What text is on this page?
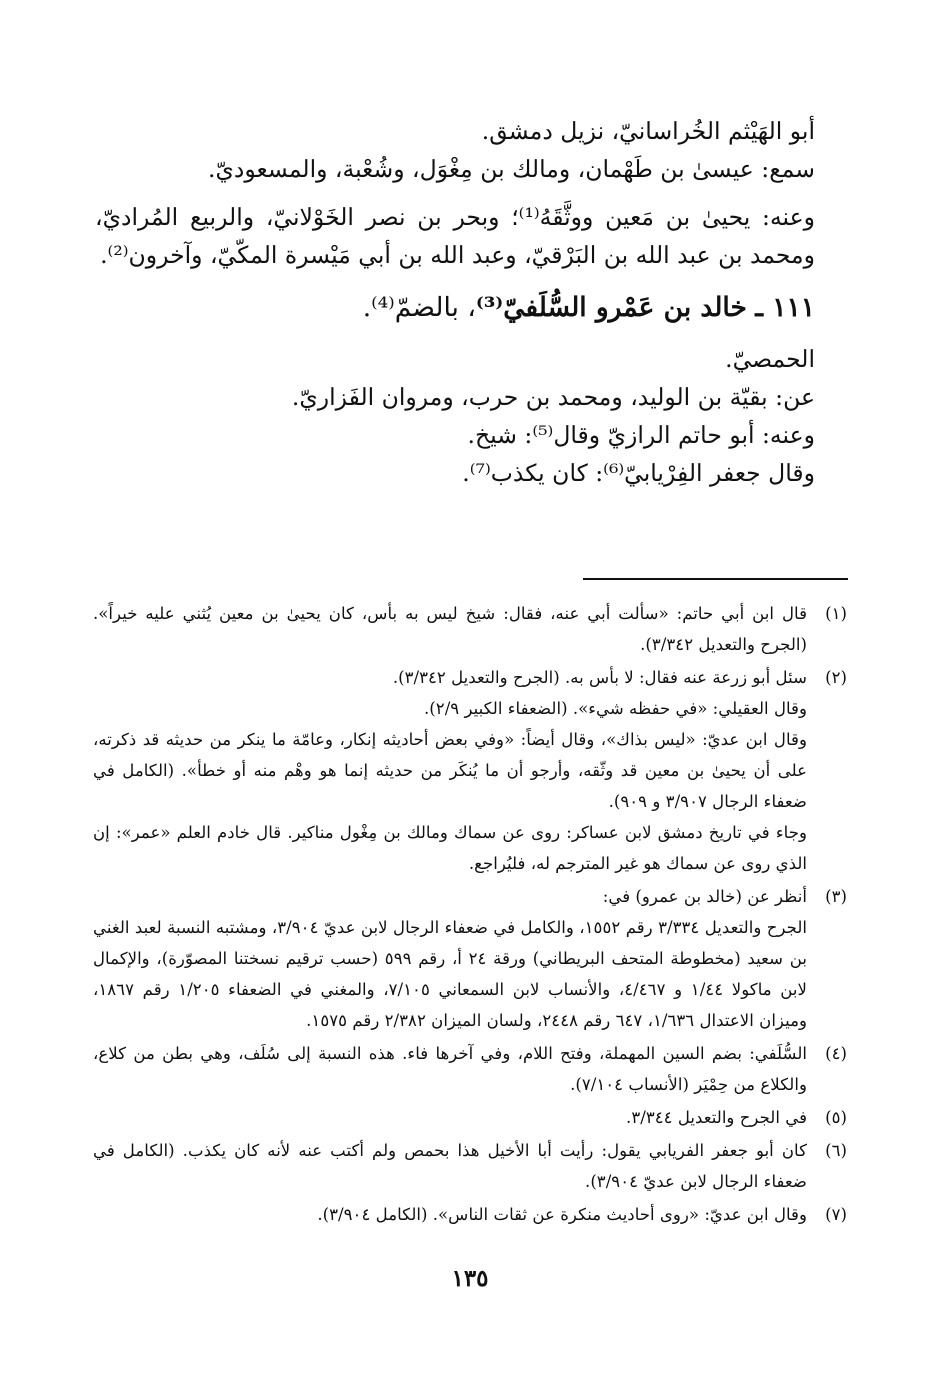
أبو الهَيْثم الخُراسانيّ، نزيل دمشق.
سمع: عيسىٰ بن طَهْمان، ومالك بن مِغْوَل، وشُعْبة، والمسعوديّ.
وعنه: يحيىٰ بن مَعين ووثَّقَهُ⁽¹⁾؛ وبحر بن نصر الخَوْلانيّ، والربيع المُراديّ، ومحمد بن عبد الله بن البَرْقيّ، وعبد الله بن أبي مَيْسرة المكّيّ، وآخرون⁽²⁾.
١١١ ـ خالد بن عَمْرو السُّلَفيّ⁽³⁾، بالضمّ⁽⁴⁾.
الحمصيّ.
عن: بقيّة بن الوليد، ومحمد بن حرب، ومروان الفَزاريّ.
وعنه: أبو حاتم الرازيّ وقال⁽⁵⁾: شيخ.
وقال جعفر الفِرْيابيّ⁽⁶⁾: كان يكذب⁽⁷⁾.
(١)
قال ابن أبي حاتم: «سألت أبي عنه، فقال: شيخ ليس به بأس، كان يحيىٰ بن معين يُثني عليه خيراً». (الجرح والتعديل ٣/٣٤٢).
(٢)
سئل أبو زرعة عنه فقال: لا بأس به. (الجرح والتعديل ٣/٣٤٢).
وقال العقيلي: «في حفظه شيء». (الضعفاء الكبير ٢/٩).
وقال ابن عديّ: «ليس بذاك»، وقال أيضاً: «وفي بعض أحاديثه إنكار، وعامّة ما ينكر من حديثه قد ذكرته، على أن يحيىٰ بن معين قد وثّقه، وأرجو أن ما يُنكَر من حديثه إنما هو وهْم منه أو خطأ». (الكامل في ضعفاء الرجال ٣/٩٠٧ و ٩٠٩).
وجاء في تاريخ دمشق لابن عساكر: روى عن سماك ومالك بن مِغْول مناكير. قال خادم العلم «عمر»: إن الذي روى عن سماك هو غير المترجم له، فليُراجع.
(٣)
أنظر عن (خالد بن عمرو) في:
الجرح والتعديل ٣/٣٣٤ رقم ١٥٥٢، والكامل في ضعفاء الرجال لابن عديّ ٣/٩٠٤، ومشتبه النسبة لعبد الغني بن سعيد (مخطوطة المتحف البريطاني) ورقة ٢٤ أ، رقم ٥٩٩ (حسب ترقيم نسختنا المصوّرة)، والإكمال لابن ماكولا ١/٤٤ و ٤/٤٦٧، والأنساب لابن السمعاني ٧/١٠٥، والمغني في الضعفاء ١/٢٠٥ رقم ١٨٦٧، وميزان الاعتدال ١/٦٣٦، ٦٤٧ رقم ٢٤٤٨، ولسان الميزان ٢/٣٨٢ رقم ١٥٧٥.
(٤)
السُّلَفي: بضم السين المهملة، وفتح اللام، وفي آخرها فاء. هذه النسبة إلى سُلَف، وهي بطن من كلاع، والكلاع من حِمْيَر (الأنساب ٧/١٠٤).
(٥)
في الجرح والتعديل ٣/٣٤٤.
(٦)
كان أبو جعفر الفريابي يقول: رأيت أبا الأخيل هذا بحمص ولم أكتب عنه لأنه كان يكذب. (الكامل في ضعفاء الرجال لابن عديّ ٣/٩٠٤).
(٧)
وقال ابن عديّ: «روى أحاديث منكرة عن ثقات الناس». (الكامل ٣/٩٠٤).
١٣٥
